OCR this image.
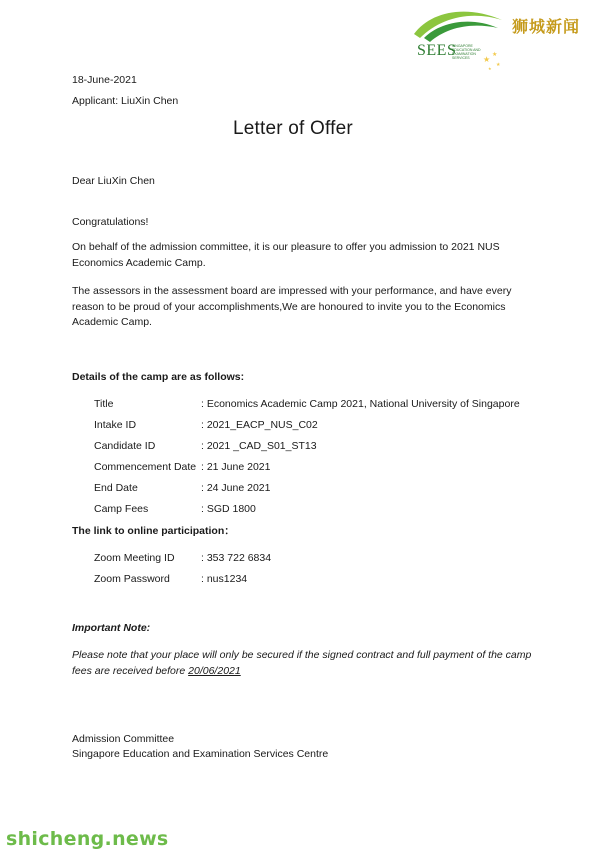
★ ★
★
★
SEES
SINGAPORE EDUCATION AND EXAMINATION SERVICES
狮城新闻
18-June-2021
Applicant: LiuXin Chen
Letter of Offer
Dear LiuXin Chen
Congratulations!
On behalf of the admission committee, it is our pleasure to offer you admission to 2021 NUS Economics Academic Camp.
The assessors in the assessment board are impressed with your performance, and have every reason to be proud of your accomplishments,We are honoured to invite you to the Economics Academic Camp.
Details of the camp are as follows:
Title	: Economics Academic Camp 2021, National University of Singapore
Intake ID	: 2021_EACP_NUS_C02
Candidate ID	: 2021 _CAD_S01_ST13
Commencement Date : 21 June 2021
End Date	: 24 June 2021
Camp Fees	: SGD 1800
The link to online participation：
Zoom Meeting ID	: 353 722 6834
Zoom Password	: nus1234
Important Note:
Please note that your place will only be secured if the signed contract and full payment of the camp fees are received before 20/06/2021
Admission Committee
Singapore Education and Examination Services Centre
shicheng.news
